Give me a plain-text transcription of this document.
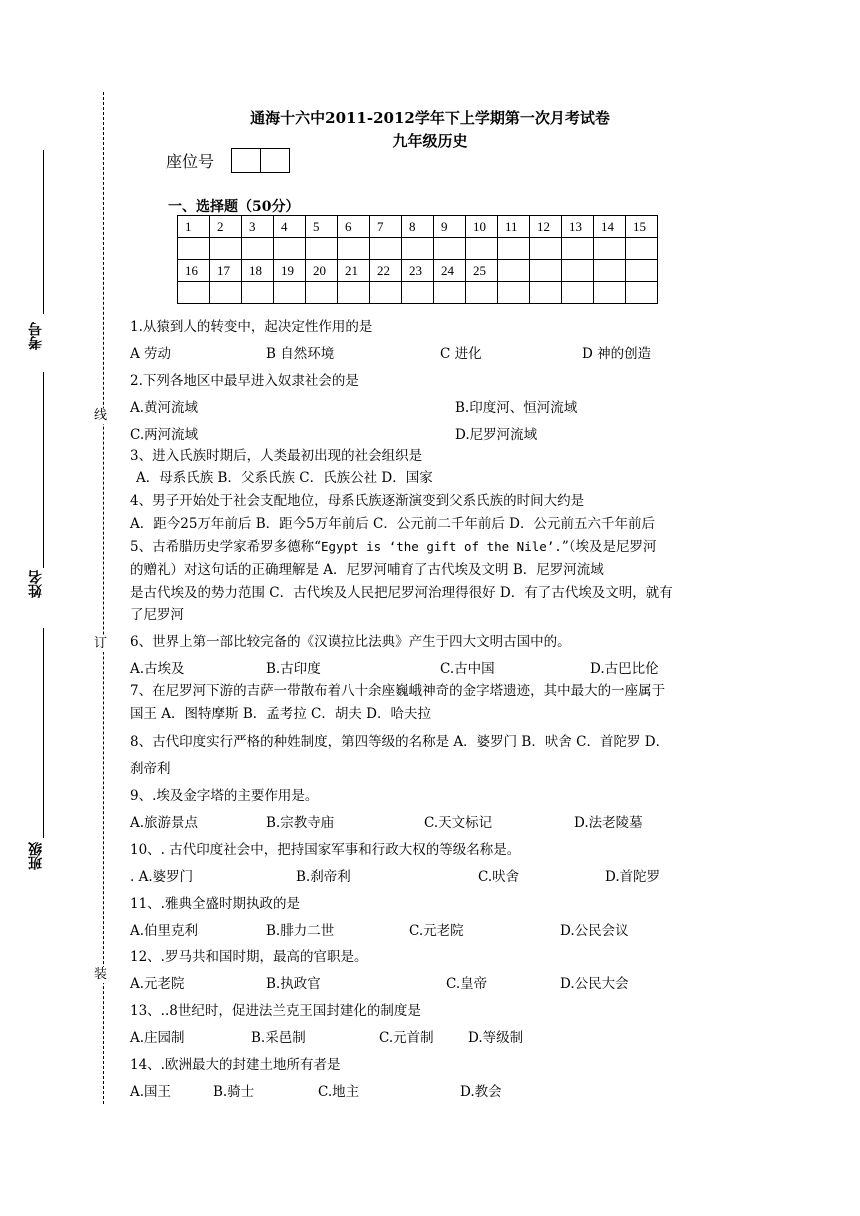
线
订
装
考号
姓名
班级
通海十六中2011-2012学年下上学期第一次月考试卷
九年级历史
座位号
一、选择题（50分）
1	2	3	4	5	6	7	8	9	10	11	12	13	14	15

16	17	18	19	20	21	22	23	24	25					

1.从猿到人的转变中，起决定性作用的是
A 劳动	B 自然环境	C 进化	D 神的创造
2.下列各地区中最早进入奴隶社会的是
A.黄河流域	B.印度河、恒河流域
C.两河流域	D.尼罗河流域
3、进入氏族时期后，人类最初出现的社会组织是
A．母系氏族 B．父系氏族 C．氏族公社 D．国家
4、男子开始处于社会支配地位，母系氏族逐渐演变到父系氏族的时间大约是
A．距今25万年前后 B．距今5万年前后 C．公元前二千年前后 D．公元前五六千年前后
5、古希腊历史学家希罗多德称“Egypt is ‘the gift of the Nile’.”（埃及是尼罗河
的赠礼）对这句话的正确理解是 A．尼罗河哺育了古代埃及文明 B．尼罗河流域
是古代埃及的势力范围 C．古代埃及人民把尼罗河治理得很好 D．有了古代埃及文明，就有
了尼罗河
6、世界上第一部比较完备的《汉谟拉比法典》产生于四大文明古国中的。
A.古埃及	B.古印度	C.古中国	D.古巴比伦
7、在尼罗河下游的吉萨一带散布着八十余座巍峨神奇的金字塔遗迹，其中最大的一座属于
国王 A．图特摩斯 B．孟考拉 C．胡夫 D．哈夫拉
8、古代印度实行严格的种姓制度，第四等级的名称是 A．婆罗门 B．吠舍 C．首陀罗 D．
刹帝利
9、.埃及金字塔的主要作用是。
A.旅游景点	B.宗教寺庙	C.天文标记	D.法老陵墓
10、. 古代印度社会中，把持国家军事和行政大权的等级名称是。
. A.婆罗门	B.刹帝利	C.吠舍	D.首陀罗
11、.雅典全盛时期执政的是
A.伯里克利	B.腓力二世	C.元老院	D.公民会议
12、.罗马共和国时期，最高的官职是。
A.元老院	B.执政官	C.皇帝	D.公民大会
13、..8世纪时，促进法兰克王国封建化的制度是
A.庄园制	B.采邑制	C.元首制	D.等级制
14、.欧洲最大的封建土地所有者是
A.国王	B.骑士	C.地主	D.教会
